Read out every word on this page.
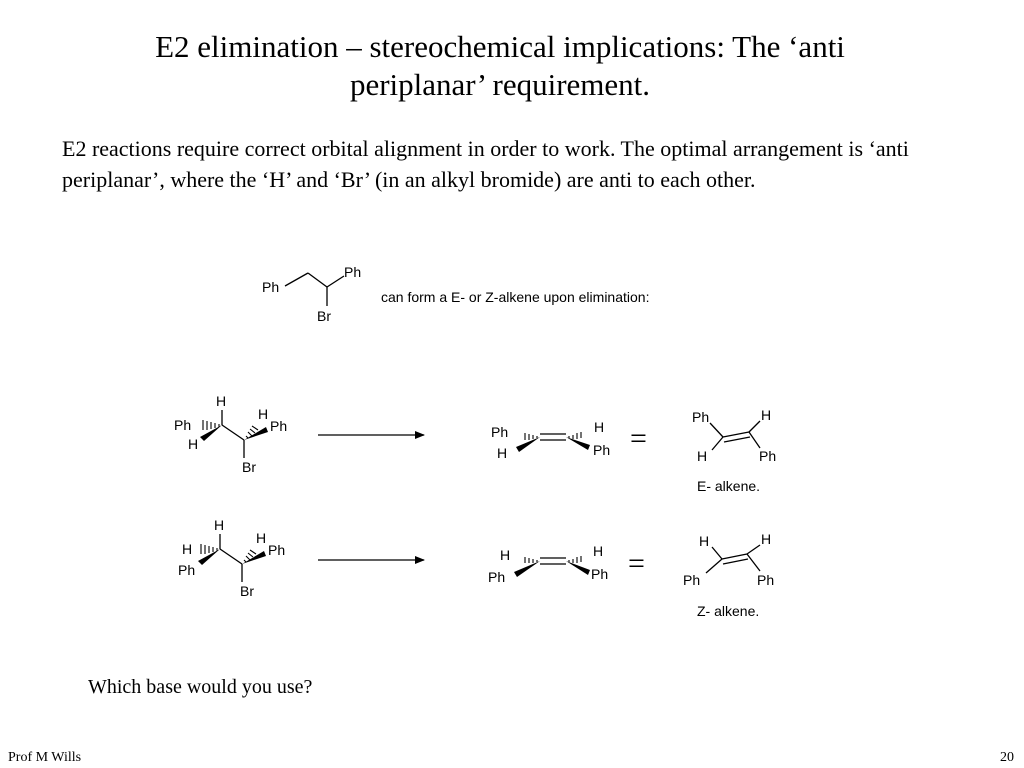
E2 elimination – stereochemical implications: The ‘anti
periplanar’ requirement.
E2 reactions require correct orbital alignment in order to work. The optimal arrangement is ‘anti periplanar’, where the ‘H’ and ‘Br’ (in an alkyl bromide) are anti to each other.
Ph
Ph
Br
can form a E- or Z-alkene upon elimination:
H
Ph
H
H
Ph
Br
Ph
H
H
Ph =
Ph	H
H	Ph
E- alkene.
H
H
Ph
H
Ph
Br
H
Ph
H
Ph =
H	H
Ph	Ph
Z- alkene.
Which base would you use?
Prof M Wills	20
